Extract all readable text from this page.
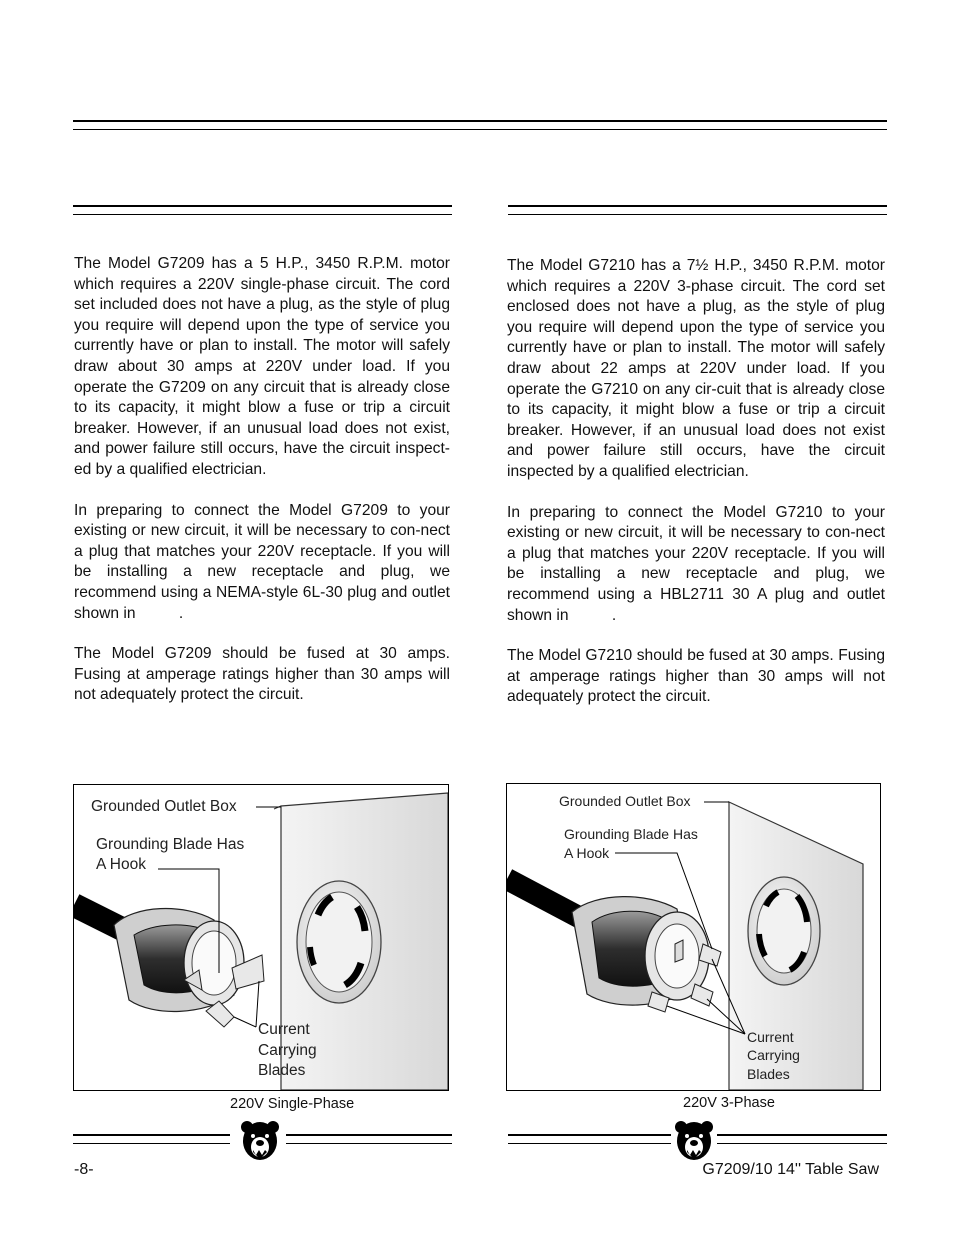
The Model G7209 has a 5 H.P., 3450 R.P.M. motor which requires a 220V single-phase circuit. The cord set included does not have a plug, as the style of plug you require will depend upon the type of service you currently have or plan to install. The motor will safely draw about 30 amps at 220V under load. If you operate the G7209 on any circuit that is already close to its capacity, it might blow a fuse or trip a circuit breaker. However, if an unusual load does not exist, and power failure still occurs, have the circuit inspect-ed by a qualified electrician.

In preparing to connect the Model G7209 to your existing or new circuit, it will be necessary to con-nect a plug that matches your 220V receptacle. If you will be installing a new receptacle and plug, we recommend using a NEMA-style 6L-30 plug and outlet shown in          .

The Model G7209 should be fused at 30 amps. Fusing at amperage ratings higher than 30 amps will not adequately protect the circuit.

The Model G7210 has a 7½ H.P., 3450 R.P.M. motor which requires a 220V 3-phase circuit. The cord set enclosed does not have a plug, as the style of plug you require will depend upon the type of service you currently have or plan to install. The motor will safely draw about 22 amps at 220V under load. If you operate the G7210 on any cir-cuit that is already close to its capacity, it might blow a fuse or trip a circuit breaker. However, if an unusual load does not exist and power failure still occurs, have the circuit inspected by a qualified electrician.

In preparing to connect the Model G7210 to your existing or new circuit, it will be necessary to con-nect a plug that matches your 220V receptacle. If you will be installing a new receptacle and plug, we recommend using a HBL2711 30 A plug and outlet shown in          .

The Model G7210 should be fused at 30 amps. Fusing at amperage ratings higher than 30 amps will not adequately protect the circuit.

Grounded Outlet Box
Grounding Blade Has
A Hook
Current
Carrying
Blades
220V Single-Phase
Grounded Outlet Box
Grounding Blade Has
A Hook
Current
Carrying
Blades
220V 3-Phase
-8-	G7209/10 14'' Table Saw
